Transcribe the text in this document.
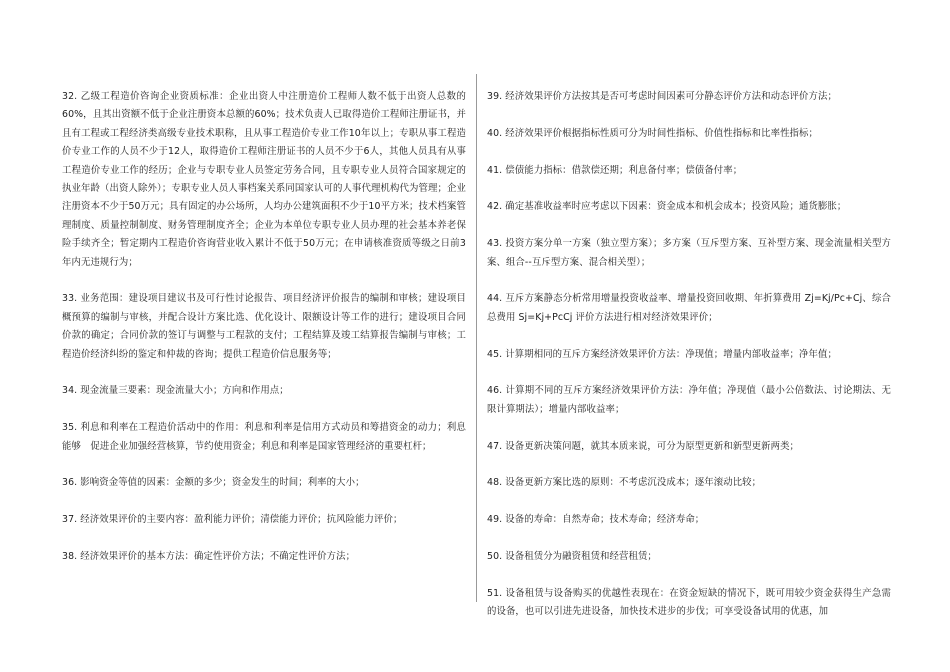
32. 乙级工程造价咨询企业资质标准：企业出资人中注册造价工程师人数不低于出资人总数的60%，且其出资额不低于企业注册资本总额的60%；技术负责人已取得造价工程师注册证书，并且有工程或工程经济类高级专业技术职称，且从事工程造价专业工作10年以上；专职从事工程造价专业工作的人员不少于12人，取得造价工程师注册证书的人员不少于6人，其他人员具有从事工程造价专业工作的经历；企业与专职专业人员签定劳务合同，且专职专业人员符合国家规定的执业年龄（出资人除外）；专职专业人员人事档案关系同国家认可的人事代理机构代为管理；企业注册资本不少于50万元；具有固定的办公场所，人均办公建筑面积不少于10平方米；技术档案管理制度、质量控制制度、财务管理制度齐全；企业为本单位专职专业人员办理的社会基本养老保险手续齐全；暂定期内工程造价咨询营业收入累计不低于50万元；在申请核准资质等级之日前3年内无违规行为；

33. 业务范围：建设项目建议书及可行性讨论报告、项目经济评价报告的编制和审核；建设项目概预算的编制与审核，并配合设计方案比选、优化设计、限额设计等工作的进行；建设项目合同价款的确定；合同价款的签订与调整与工程款的支付；工程结算及竣工结算报告编制与审核；工程造价经济纠纷的鉴定和仲裁的咨询；提供工程造价信息服务等；

34. 现金流量三要素：现金流量大小；方向和作用点；

35. 利息和利率在工程造价活动中的作用：利息和利率是信用方式动员和筹措资金的动力；利息能够　促进企业加强经营核算，节约使用资金；利息和利率是国家管理经济的重要杠杆；

36. 影响资金等值的因素：金额的多少；资金发生的时间；利率的大小；

37. 经济效果评价的主要内容：盈利能力评价；清偿能力评价；抗风险能力评价；

38. 经济效果评价的基本方法：确定性评价方法；不确定性评价方法；

39. 经济效果评价方法按其是否可考虑时间因素可分静态评价方法和动态评价方法；

40. 经济效果评价根据指标性质可分为时间性指标、价值性指标和比率性指标；

41. 偿债能力指标：借款偿还期；利息备付率；偿债备付率；

42. 确定基准收益率时应考虑以下因素：资金成本和机会成本；投资风险；通货膨胀；

43. 投资方案分单一方案（独立型方案）；多方案（互斥型方案、互补型方案、现金流量相关型方案、组合--互斥型方案、混合相关型）；

44. 互斥方案静态分析常用增量投资收益率、增量投资回收期、年折算费用 Zj=Kj/Pc+Cj、综合总费用 Sj=Kj+PcCj 评价方法进行相对经济效果评价；

45. 计算期相同的互斥方案经济效果评价方法：净现值；增量内部收益率；净年值；

46. 计算期不同的互斥方案经济效果评价方法：净年值；净现值（最小公倍数法、讨论期法、无限计算期法）；增量内部收益率；

47. 设备更新决策问题，就其本质来说，可分为原型更新和新型更新两类；

48. 设备更新方案比选的原则：不考虑沉没成本；逐年滚动比较；

49. 设备的寿命：自然寿命；技术寿命；经济寿命；

50. 设备租赁分为融资租赁和经营租赁；

51. 设备租赁与设备购买的优越性表现在：在资金短缺的情况下，既可用较少资金获得生产急需的设备，也可以引进先进设备，加快技术进步的步伐；可享受设备试用的优惠，加
